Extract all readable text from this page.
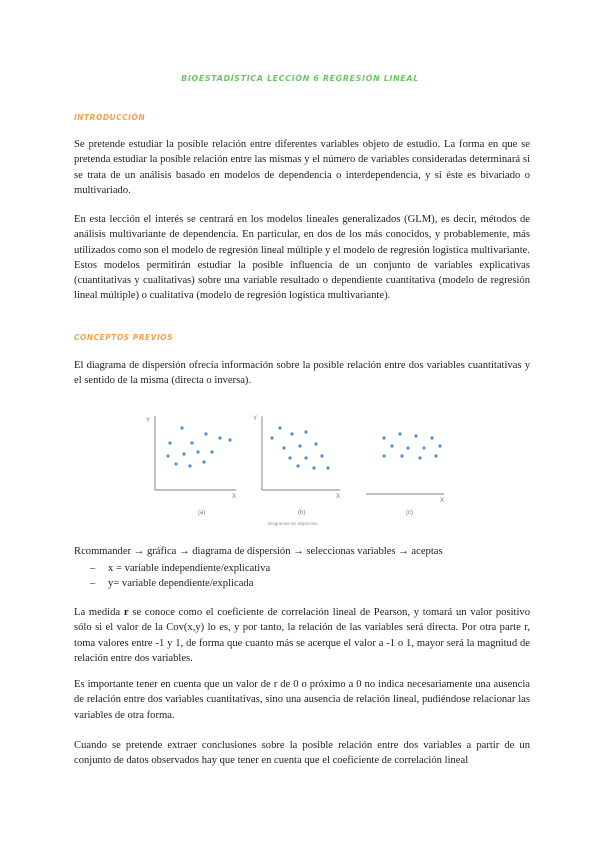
BIOESTADÍSTICA LECCIÓN 6 REGRESIÓN LINEAL
INTRODUCCIÓN

Se pretende estudiar la posible relación entre diferentes variables objeto de estudio. La forma en que se pretenda estudiar la posible relación entre las mismas y el número de variables consideradas determinará si se trata de un análisis basado en modelos de dependencia o interdependencia, y si éste es bivariado o multivariado.

En esta lección el interés se centrará en los modelos lineales generalizados (GLM), es decir, métodos de análisis multivariante de dependencia. En particular, en dos de los más conocidos, y probablemente, más utilizados como son el modelo de regresión lineal múltiple y el modelo de regresión logística multivariante. Estos modelos permitirán estudiar la posible influencia de un conjunto de variables explicativas (cuantitativas y cualitativas) sobre una variable resultado o dependiente cuantitativa (modelo de regresión lineal múltiple) o cualitativa (modelo de regresión logística multivariante).

CONCEPTOS PREVIOS

El diagrama de dispersión ofrecía información sobre la posible relación entre dos variables cuantitativas y el sentido de la misma (directa o inversa).

Y
X
(a)
Y
X
(b)
X
(c)
Diagramas de dispersión

Rcommander → gráfica → diagrama de dispersión → seleccionas variables → aceptas

– x = variable independiente/explicativa
– y= variable dependiente/explicada

La medida r se conoce como el coeficiente de correlación lineal de Pearson, y tomará un valor positivo sólo si el valor de la Cov(x,y) lo es, y por tanto, la relación de las variables será directa. Por otra parte r, toma valores entre -1 y 1, de forma que cuanto más se acerque el valor a -1 o 1, mayor será la magnitud de relación entre dos variables.

Es importante tener en cuenta que un valor de r de 0 o próximo a 0 no indica necesariamente una ausencia de relación entre dos variables cuantitativas, sino una ausencia de relación lineal, pudiéndose relacionar las variables de otra forma.

Cuando se pretende extraer conclusiones sobre la posible relación entre dos variables a partir de un conjunto de datos observados hay que tener en cuenta que el coeficiente de correlación lineal
